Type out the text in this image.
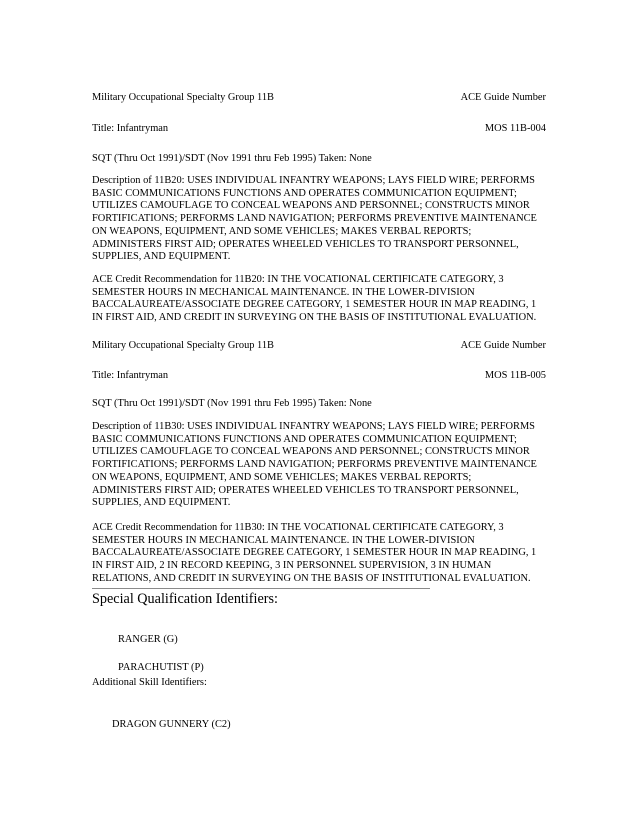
Military Occupational Specialty Group 11B	ACE Guide Number
Title: Infantryman	MOS 11B-004
SQT (Thru Oct 1991)/SDT (Nov 1991 thru Feb 1995) Taken: None
Description of 11B20: USES INDIVIDUAL INFANTRY WEAPONS; LAYS FIELD WIRE; PERFORMS
BASIC COMMUNICATIONS FUNCTIONS AND OPERATES COMMUNICATION EQUIPMENT;
UTILIZES CAMOUFLAGE TO CONCEAL WEAPONS AND PERSONNEL; CONSTRUCTS MINOR
FORTIFICATIONS; PERFORMS LAND NAVIGATION; PERFORMS PREVENTIVE MAINTENANCE
ON WEAPONS, EQUIPMENT, AND SOME VEHICLES; MAKES VERBAL REPORTS;
ADMINISTERS FIRST AID; OPERATES WHEELED VEHICLES TO TRANSPORT PERSONNEL,
SUPPLIES, AND EQUIPMENT.
ACE Credit Recommendation for 11B20: IN THE VOCATIONAL CERTIFICATE CATEGORY, 3
SEMESTER HOURS IN MECHANICAL MAINTENANCE. IN THE LOWER-DIVISION
BACCALAUREATE/ASSOCIATE DEGREE CATEGORY, 1 SEMESTER HOUR IN MAP READING, 1
IN FIRST AID, AND CREDIT IN SURVEYING ON THE BASIS OF INSTITUTIONAL EVALUATION.
Military Occupational Specialty Group 11B	ACE Guide Number
Title: Infantryman	MOS 11B-005
SQT (Thru Oct 1991)/SDT (Nov 1991 thru Feb 1995) Taken: None
Description of 11B30: USES INDIVIDUAL INFANTRY WEAPONS; LAYS FIELD WIRE; PERFORMS
BASIC COMMUNICATIONS FUNCTIONS AND OPERATES COMMUNICATION EQUIPMENT;
UTILIZES CAMOUFLAGE TO CONCEAL WEAPONS AND PERSONNEL; CONSTRUCTS MINOR
FORTIFICATIONS; PERFORMS LAND NAVIGATION; PERFORMS PREVENTIVE MAINTENANCE
ON WEAPONS, EQUIPMENT, AND SOME VEHICLES; MAKES VERBAL REPORTS;
ADMINISTERS FIRST AID; OPERATES WHEELED VEHICLES TO TRANSPORT PERSONNEL,
SUPPLIES, AND EQUIPMENT.
ACE Credit Recommendation for 11B30: IN THE VOCATIONAL CERTIFICATE CATEGORY, 3
SEMESTER HOURS IN MECHANICAL MAINTENANCE. IN THE LOWER-DIVISION
BACCALAUREATE/ASSOCIATE DEGREE CATEGORY, 1 SEMESTER HOUR IN MAP READING, 1
IN FIRST AID, 2 IN RECORD KEEPING, 3 IN PERSONNEL SUPERVISION, 3 IN HUMAN
RELATIONS, AND CREDIT IN SURVEYING ON THE BASIS OF INSTITUTIONAL EVALUATION.
Special Qualification Identifiers:
RANGER (G)
PARACHUTIST (P)
Additional Skill Identifiers:
DRAGON GUNNERY (C2)
